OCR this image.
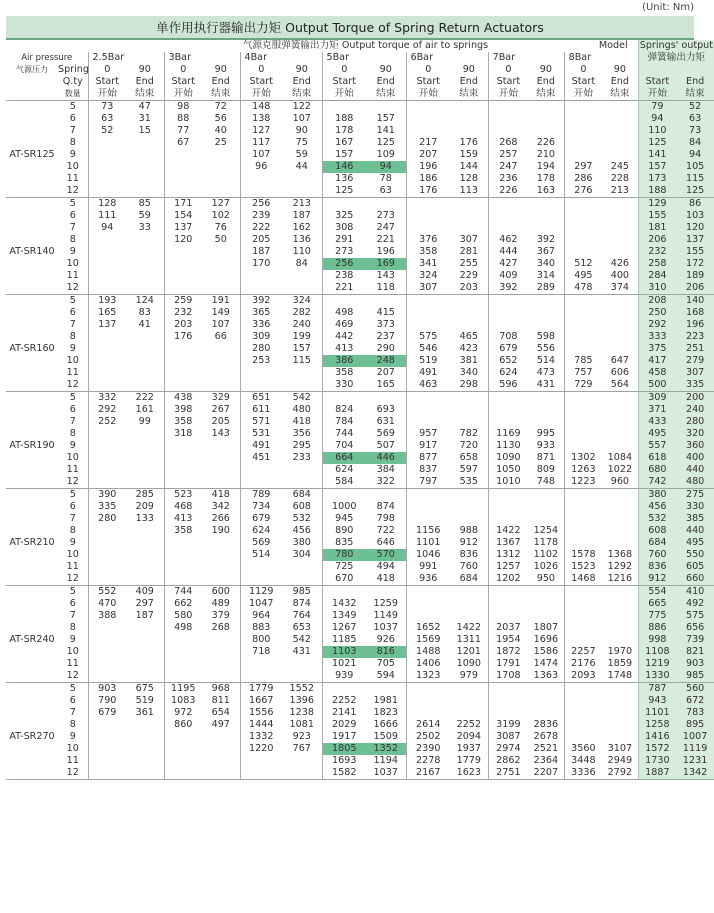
(Unit: Nm)
单作用执行器输出力矩 Output Torque of Spring Return Actuators
		气源克服弹簧输出力矩 Output torque of air to springs										Model				Springs' output	
Air pressure		2.5Bar		3Bar		4Bar		5Bar		6Bar		7Bar		8Bar		弹簧输出力矩	
气源压力	Spring	0	90	0	90	0	90	0	90	0	90	0	90	0	90		
	Q.ty	Start	End	Start	End	Start	End	Start	End	Start	End	Start	End	Start	End	Start	End
	数量	开始	结束	开始	结束	开始	结束	开始	结束	开始	结束	开始	结束	开始	结束	开始	结束
	5	73	47	98	72	148	122									79	52
	6	63	31	88	56	138	107	188	157							94	63
	7	52	15	77	40	127	90	178	141							110	73
	8			67	25	117	75	167	125	217	176	268	226			125	84
AT-SR125	9					107	59	157	109	207	159	257	210			141	94
	10					96	44	146	94	196	144	247	194	297	245	157	105
	11							136	78	186	128	236	178	286	228	173	115
	12							125	63	176	113	226	163	276	213	188	125
	5	128	85	171	127	256	213									129	86
	6	111	59	154	102	239	187	325	273							155	103
	7	94	33	137	76	222	162	308	247							181	120
	8			120	50	205	136	291	221	376	307	462	392			206	137
AT-SR140	9					187	110	273	196	358	281	444	367			232	155
	10					170	84	256	169	341	255	427	340	512	426	258	172
	11							238	143	324	229	409	314	495	400	284	189
	12							221	118	307	203	392	289	478	374	310	206
	5	193	124	259	191	392	324									208	140
	6	165	83	232	149	365	282	498	415							250	168
	7	137	41	203	107	336	240	469	373							292	196
	8			176	66	309	199	442	237	575	465	708	598			333	223
AT-SR160	9					280	157	413	290	546	423	679	556			375	251
	10					253	115	386	248	519	381	652	514	785	647	417	279
	11							358	207	491	340	624	473	757	606	458	307
	12							330	165	463	298	596	431	729	564	500	335
	5	332	222	438	329	651	542									309	200
	6	292	161	398	267	611	480	824	693							371	240
	7	252	99	358	205	571	418	784	631							433	280
	8			318	143	531	356	744	569	957	782	1169	995			495	320
AT-SR190	9					491	295	704	507	917	720	1130	933			557	360
	10					451	233	664	446	877	658	1090	871	1302	1084	618	400
	11							624	384	837	597	1050	809	1263	1022	680	440
	12							584	322	797	535	1010	748	1223	960	742	480
	5	390	285	523	418	789	684									380	275
	6	335	209	468	342	734	608	1000	874							456	330
	7	280	133	413	266	679	532	945	798							532	385
	8			358	190	624	456	890	722	1156	988	1422	1254			608	440
AT-SR210	9					569	380	835	646	1101	912	1367	1178			684	495
	10					514	304	780	570	1046	836	1312	1102	1578	1368	760	550
	11							725	494	991	760	1257	1026	1523	1292	836	605
	12							670	418	936	684	1202	950	1468	1216	912	660
	5	552	409	744	600	1129	985									554	410
	6	470	297	662	489	1047	874	1432	1259							665	492
	7	388	187	580	379	964	764	1349	1149							775	575
	8			498	268	883	653	1267	1037	1652	1422	2037	1807			886	656
AT-SR240	9					800	542	1185	926	1569	1311	1954	1696			998	739
	10					718	431	1103	816	1488	1201	1872	1586	2257	1970	1108	821
	11							1021	705	1406	1090	1791	1474	2176	1859	1219	903
	12							939	594	1323	979	1708	1363	2093	1748	1330	985
	5	903	675	1195	968	1779	1552									787	560
	6	790	519	1083	811	1667	1396	2252	1981							943	672
	7	679	361	972	654	1556	1238	2141	1823							1101	783
	8			860	497	1444	1081	2029	1666	2614	2252	3199	2836			1258	895
AT-SR270	9					1332	923	1917	1509	2502	2094	3087	2678			1416	1007
	10					1220	767	1805	1352	2390	1937	2974	2521	3560	3107	1572	1119
	11							1693	1194	2278	1779	2862	2364	3448	2949	1730	1231
	12							1582	1037	2167	1623	2751	2207	3336	2792	1887	1342
